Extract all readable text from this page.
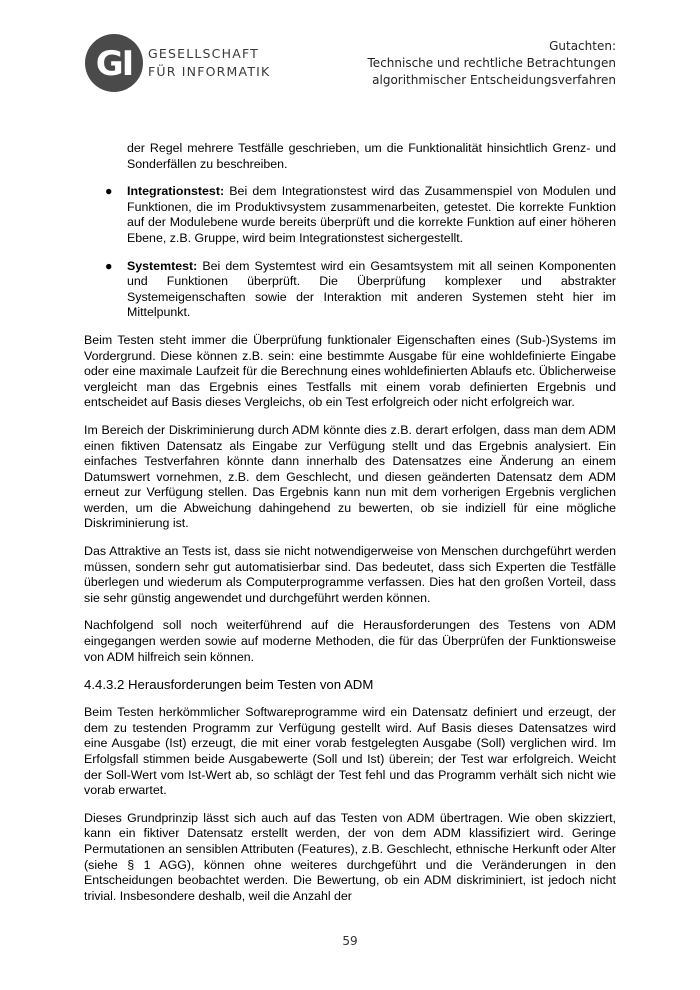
GI GESELLSCHAFT
FÜR INFORMATIK
Gutachten:
Technische und rechtliche Betrachtungen
algorithmischer Entscheidungsverfahren

der Regel mehrere Testfälle geschrieben, um die Funktionalität hinsichtlich Grenz- und Sonderfällen zu beschreiben.

● Integrationstest: Bei dem Integrationstest wird das Zusammenspiel von Modulen und Funktionen, die im Produktivsystem zusammenarbeiten, getestet. Die korrekte Funktion auf der Modulebene wurde bereits überprüft und die korrekte Funktion auf einer höheren Ebene, z.B. Gruppe, wird beim Integrationstest sichergestellt.
● Systemtest: Bei dem Systemtest wird ein Gesamtsystem mit all seinen Komponenten und Funktionen überprüft. Die Überprüfung komplexer und abstrakter Systemeigenschaften sowie der Interaktion mit anderen Systemen steht hier im Mittelpunkt.

Beim Testen steht immer die Überprüfung funktionaler Eigenschaften eines (Sub-)Systems im Vordergrund. Diese können z.B. sein: eine bestimmte Ausgabe für eine wohldefinierte Eingabe oder eine maximale Laufzeit für die Berechnung eines wohldefinierten Ablaufs etc. Üblicherweise vergleicht man das Ergebnis eines Testfalls mit einem vorab definierten Ergebnis und entscheidet auf Basis dieses Vergleichs, ob ein Test erfolgreich oder nicht erfolgreich war.

Im Bereich der Diskriminierung durch ADM könnte dies z.B. derart erfolgen, dass man dem ADM einen fiktiven Datensatz als Eingabe zur Verfügung stellt und das Ergebnis analysiert. Ein einfaches Testverfahren könnte dann innerhalb des Datensatzes eine Änderung an einem Datumswert vornehmen, z.B. dem Geschlecht, und diesen geänderten Datensatz dem ADM erneut zur Verfügung stellen. Das Ergebnis kann nun mit dem vorherigen Ergebnis verglichen werden, um die Abweichung dahingehend zu bewerten, ob sie indiziell für eine mögliche Diskriminierung ist.

Das Attraktive an Tests ist, dass sie nicht notwendigerweise von Menschen durchgeführt werden müssen, sondern sehr gut automatisierbar sind. Das bedeutet, dass sich Experten die Testfälle überlegen und wiederum als Computerprogramme verfassen. Dies hat den großen Vorteil, dass sie sehr günstig angewendet und durchgeführt werden können.

Nachfolgend soll noch weiterführend auf die Herausforderungen des Testens von ADM eingegangen werden sowie auf moderne Methoden, die für das Überprüfen der Funktionsweise von ADM hilfreich sein können.

4.4.3.2 Herausforderungen beim Testen von ADM

Beim Testen herkömmlicher Softwareprogramme wird ein Datensatz definiert und erzeugt, der dem zu testenden Programm zur Verfügung gestellt wird. Auf Basis dieses Datensatzes wird eine Ausgabe (Ist) erzeugt, die mit einer vorab festgelegten Ausgabe (Soll) verglichen wird. Im Erfolgsfall stimmen beide Ausgabewerte (Soll und Ist) überein; der Test war erfolgreich. Weicht der Soll-Wert vom Ist-Wert ab, so schlägt der Test fehl und das Programm verhält sich nicht wie vorab erwartet.

Dieses Grundprinzip lässt sich auch auf das Testen von ADM übertragen. Wie oben skizziert, kann ein fiktiver Datensatz erstellt werden, der von dem ADM klassifiziert wird. Geringe Permutationen an sensiblen Attributen (Features), z.B. Geschlecht, ethnische Herkunft oder Alter (siehe § 1 AGG), können ohne weiteres durchgeführt und die Veränderungen in den Entscheidungen beobachtet werden. Die Bewertung, ob ein ADM diskriminiert, ist jedoch nicht trivial. Insbesondere deshalb, weil die Anzahl der

59
